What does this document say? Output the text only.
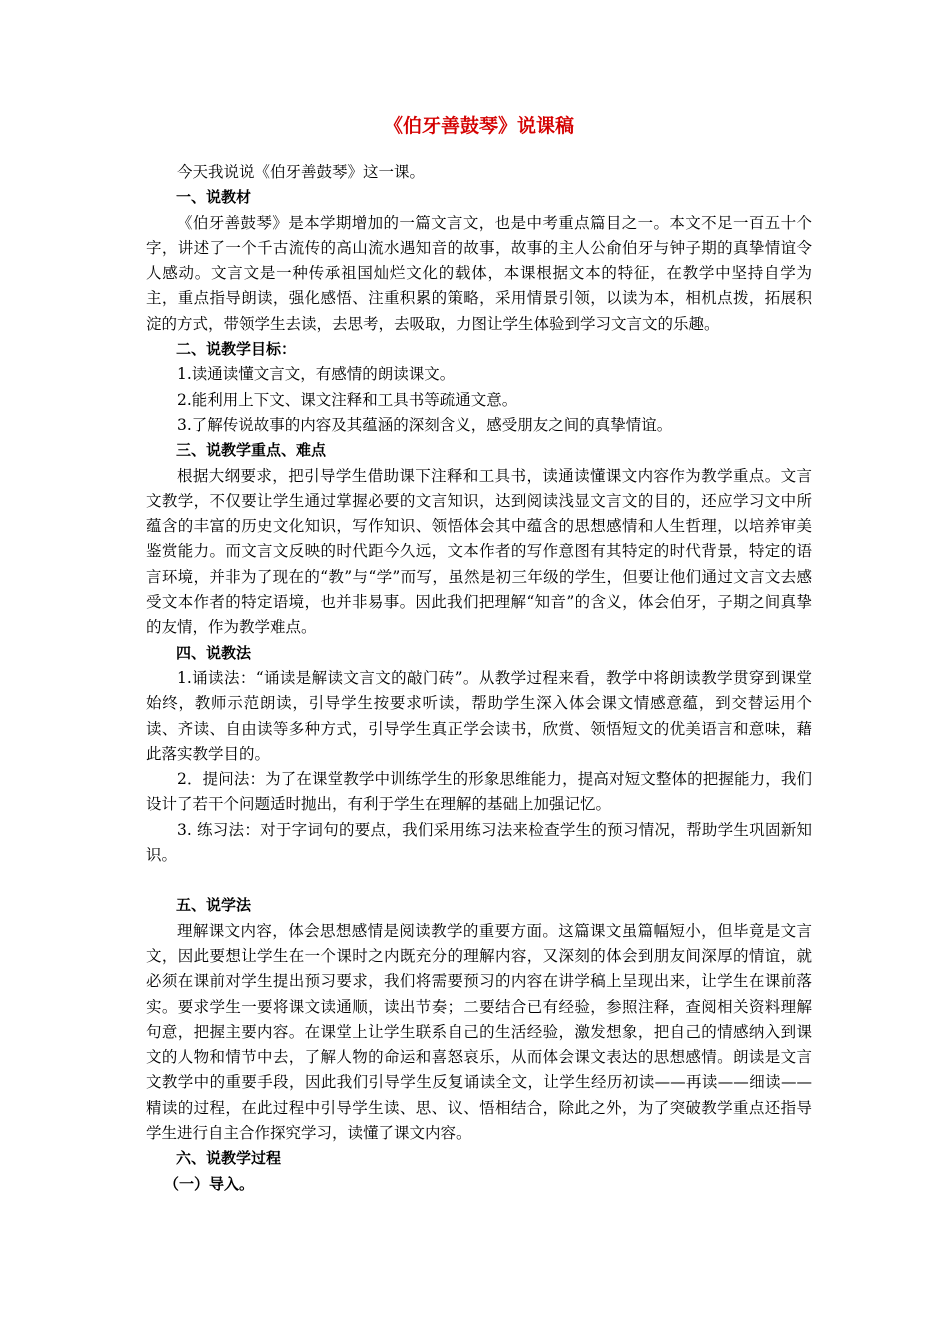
《伯牙善鼓琴》说课稿

今天我说说《伯牙善鼓琴》这一课。

一、说教材

《伯牙善鼓琴》是本学期增加的一篇文言文，也是中考重点篇目之一。本文不足一百五十个字，讲述了一个千古流传的高山流水遇知音的故事，故事的主人公俞伯牙与钟子期的真挚情谊令人感动。文言文是一种传承祖国灿烂文化的载体，本课根据文本的特征，在教学中坚持自学为主，重点指导朗读，强化感悟、注重积累的策略，采用情景引领，以读为本，相机点拨，拓展积淀的方式，带领学生去读，去思考，去吸取，力图让学生体验到学习文言文的乐趣。

二、说教学目标：

1.读通读懂文言文，有感情的朗读课文。

2.能利用上下文、课文注释和工具书等疏通文意。

3.了解传说故事的内容及其蕴涵的深刻含义，感受朋友之间的真挚情谊。

三、说教学重点、难点

根据大纲要求，把引导学生借助课下注释和工具书，读通读懂课文内容作为教学重点。文言文教学，不仅要让学生通过掌握必要的文言知识，达到阅读浅显文言文的目的，还应学习文中所蕴含的丰富的历史文化知识，写作知识、领悟体会其中蕴含的思想感情和人生哲理，以培养审美鉴赏能力。而文言文反映的时代距今久远，文本作者的写作意图有其特定的时代背景，特定的语言环境，并非为了现在的“教”与“学”而写，虽然是初三年级的学生，但要让他们通过文言文去感受文本作者的特定语境，也并非易事。因此我们把理解“知音”的含义，体会伯牙，子期之间真挚的友情，作为教学难点。

四、说教法

1.诵读法：“诵读是解读文言文的敲门砖”。从教学过程来看，教学中将朗读教学贯穿到课堂始终，教师示范朗读，引导学生按要求听读，帮助学生深入体会课文情感意蕴，到交替运用个读、齐读、自由读等多种方式，引导学生真正学会读书，欣赏、领悟短文的优美语言和意味，藉此落实教学目的。

2．提问法：为了在课堂教学中训练学生的形象思维能力，提高对短文整体的把握能力，我们设计了若干个问题适时抛出，有利于学生在理解的基础上加强记忆。

3. 练习法：对于字词句的要点，我们采用练习法来检查学生的预习情况，帮助学生巩固新知识。

五、说学法

理解课文内容，体会思想感情是阅读教学的重要方面。这篇课文虽篇幅短小，但毕竟是文言文，因此要想让学生在一个课时之内既充分的理解内容，又深刻的体会到朋友间深厚的情谊，就必须在课前对学生提出预习要求，我们将需要预习的内容在讲学稿上呈现出来，让学生在课前落实。要求学生一要将课文读通顺，读出节奏；二要结合已有经验，参照注释，查阅相关资料理解句意，把握主要内容。在课堂上让学生联系自己的生活经验，激发想象，把自己的情感纳入到课文的人物和情节中去，了解人物的命运和喜怒哀乐，从而体会课文表达的思想感情。朗读是文言文教学中的重要手段，因此我们引导学生反复诵读全文，让学生经历初读——再读——细读——精读的过程，在此过程中引导学生读、思、议、悟相结合，除此之外，为了突破教学重点还指导学生进行自主合作探究学习，读懂了课文内容。

六、说教学过程
（一）导入。
